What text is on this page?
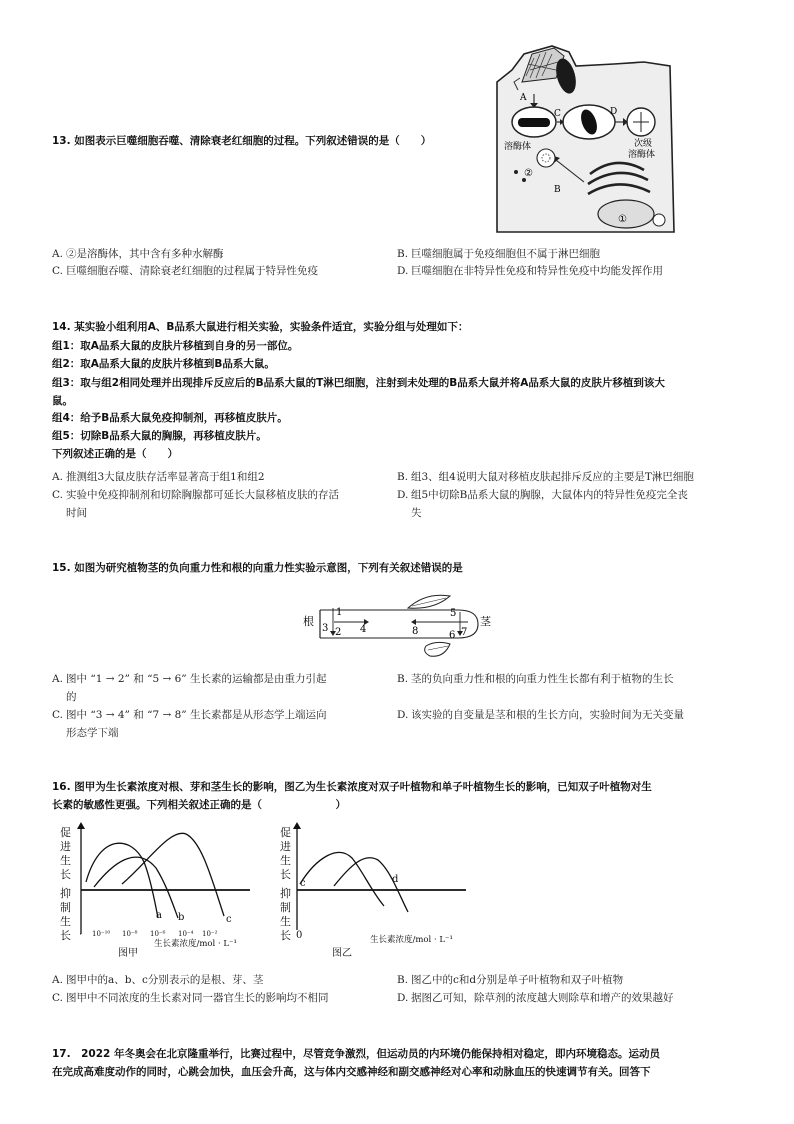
13. 如图表示巨噬细胞吞噬、清除衰老红细胞的过程。下列叙述错误的是（　　）
A
C	D
B
溶酶体	次级
溶酶体
②
①
A. ②是溶酶体，其中含有多种水解酶	B. 巨噬细胞属于免疫细胞但不属于淋巴细胞
C. 巨噬细胞吞噬、清除衰老红细胞的过程属于特异性免疫	D. 巨噬细胞在非特异性免疫和特异性免疫中均能发挥作用
14. 某实验小组利用A、B品系大鼠进行相关实验，实验条件适宜，实验分组与处理如下：
组1：取A品系大鼠的皮肤片移植到自身的另一部位。
组2：取A品系大鼠的皮肤片移植到B品系大鼠。
组3：取与组2相同处理并出现排斥反应后的B品系大鼠的T淋巴细胞，注射到未处理的B品系大鼠并将A品系大鼠的皮肤片移植到该大
鼠。
组4：给予B品系大鼠免疫抑制剂，再移植皮肤片。
组5：切除B品系大鼠的胸腺，再移植皮肤片。
下列叙述正确的是（　　）
A. 推测组3大鼠皮肤存活率显著高于组1和组2	B. 组3、组4说明大鼠对移植皮肤起排斥反应的主要是T淋巴细胞
C. 实验中免疫抑制剂和切除胸腺都可延长大鼠移植皮肤的存活	D. 组5中切除B品系大鼠的胸腺，大鼠体内的特异性免疫完全丧
时间	失
15. 如图为研究植物茎的负向重力性和根的向重力性实验示意图，下列有关叙述错误的是
根	茎
1
2
3	4
5
6 7
8
A. 图中 “1 → 2” 和 “5 → 6” 生长素的运输都是由重力引起	B. 茎的负向重力性和根的向重力性生长都有利于植物的生长
的
C. 图中 “3 → 4” 和 “7 → 8” 生长素都是从形态学上端运向	D. 该实验的自变量是茎和根的生长方向，实验时间为无关变量
形态学下端
16. 图甲为生长素浓度对根、芽和茎生长的影响，图乙为生长素浓度对双子叶植物和单子叶植物生长的影响，已知双子叶植物对生
长素的敏感性更强。下列相关叙述正确的是（　　　　　　　）
促
进
生
长
抑
制
生
长
a b	c
10⁻¹⁰ 10⁻⁸ 10⁻⁶ 10⁻⁴ 10⁻²
图甲
生长素浓度/mol · L⁻¹
促
进
生
长
抑
制
生
长
c	d
0	生长素浓度/mol · L⁻¹
图乙
A. 图甲中的a、b、c分别表示的是根、芽、茎	B. 图乙中的c和d分别是单子叶植物和双子叶植物
C. 图甲中不同浓度的生长素对同一器官生长的影响均不相同	D. 据图乙可知，除草剂的浓度越大则除草和增产的效果越好
17.　2022 年冬奥会在北京隆重举行，比赛过程中，尽管竞争激烈，但运动员的内环境仍能保持相对稳定，即内环境稳态。运动员
在完成高难度动作的同时，心跳会加快，血压会升高，这与体内交感神经和副交感神经对心率和动脉血压的快速调节有关。回答下
